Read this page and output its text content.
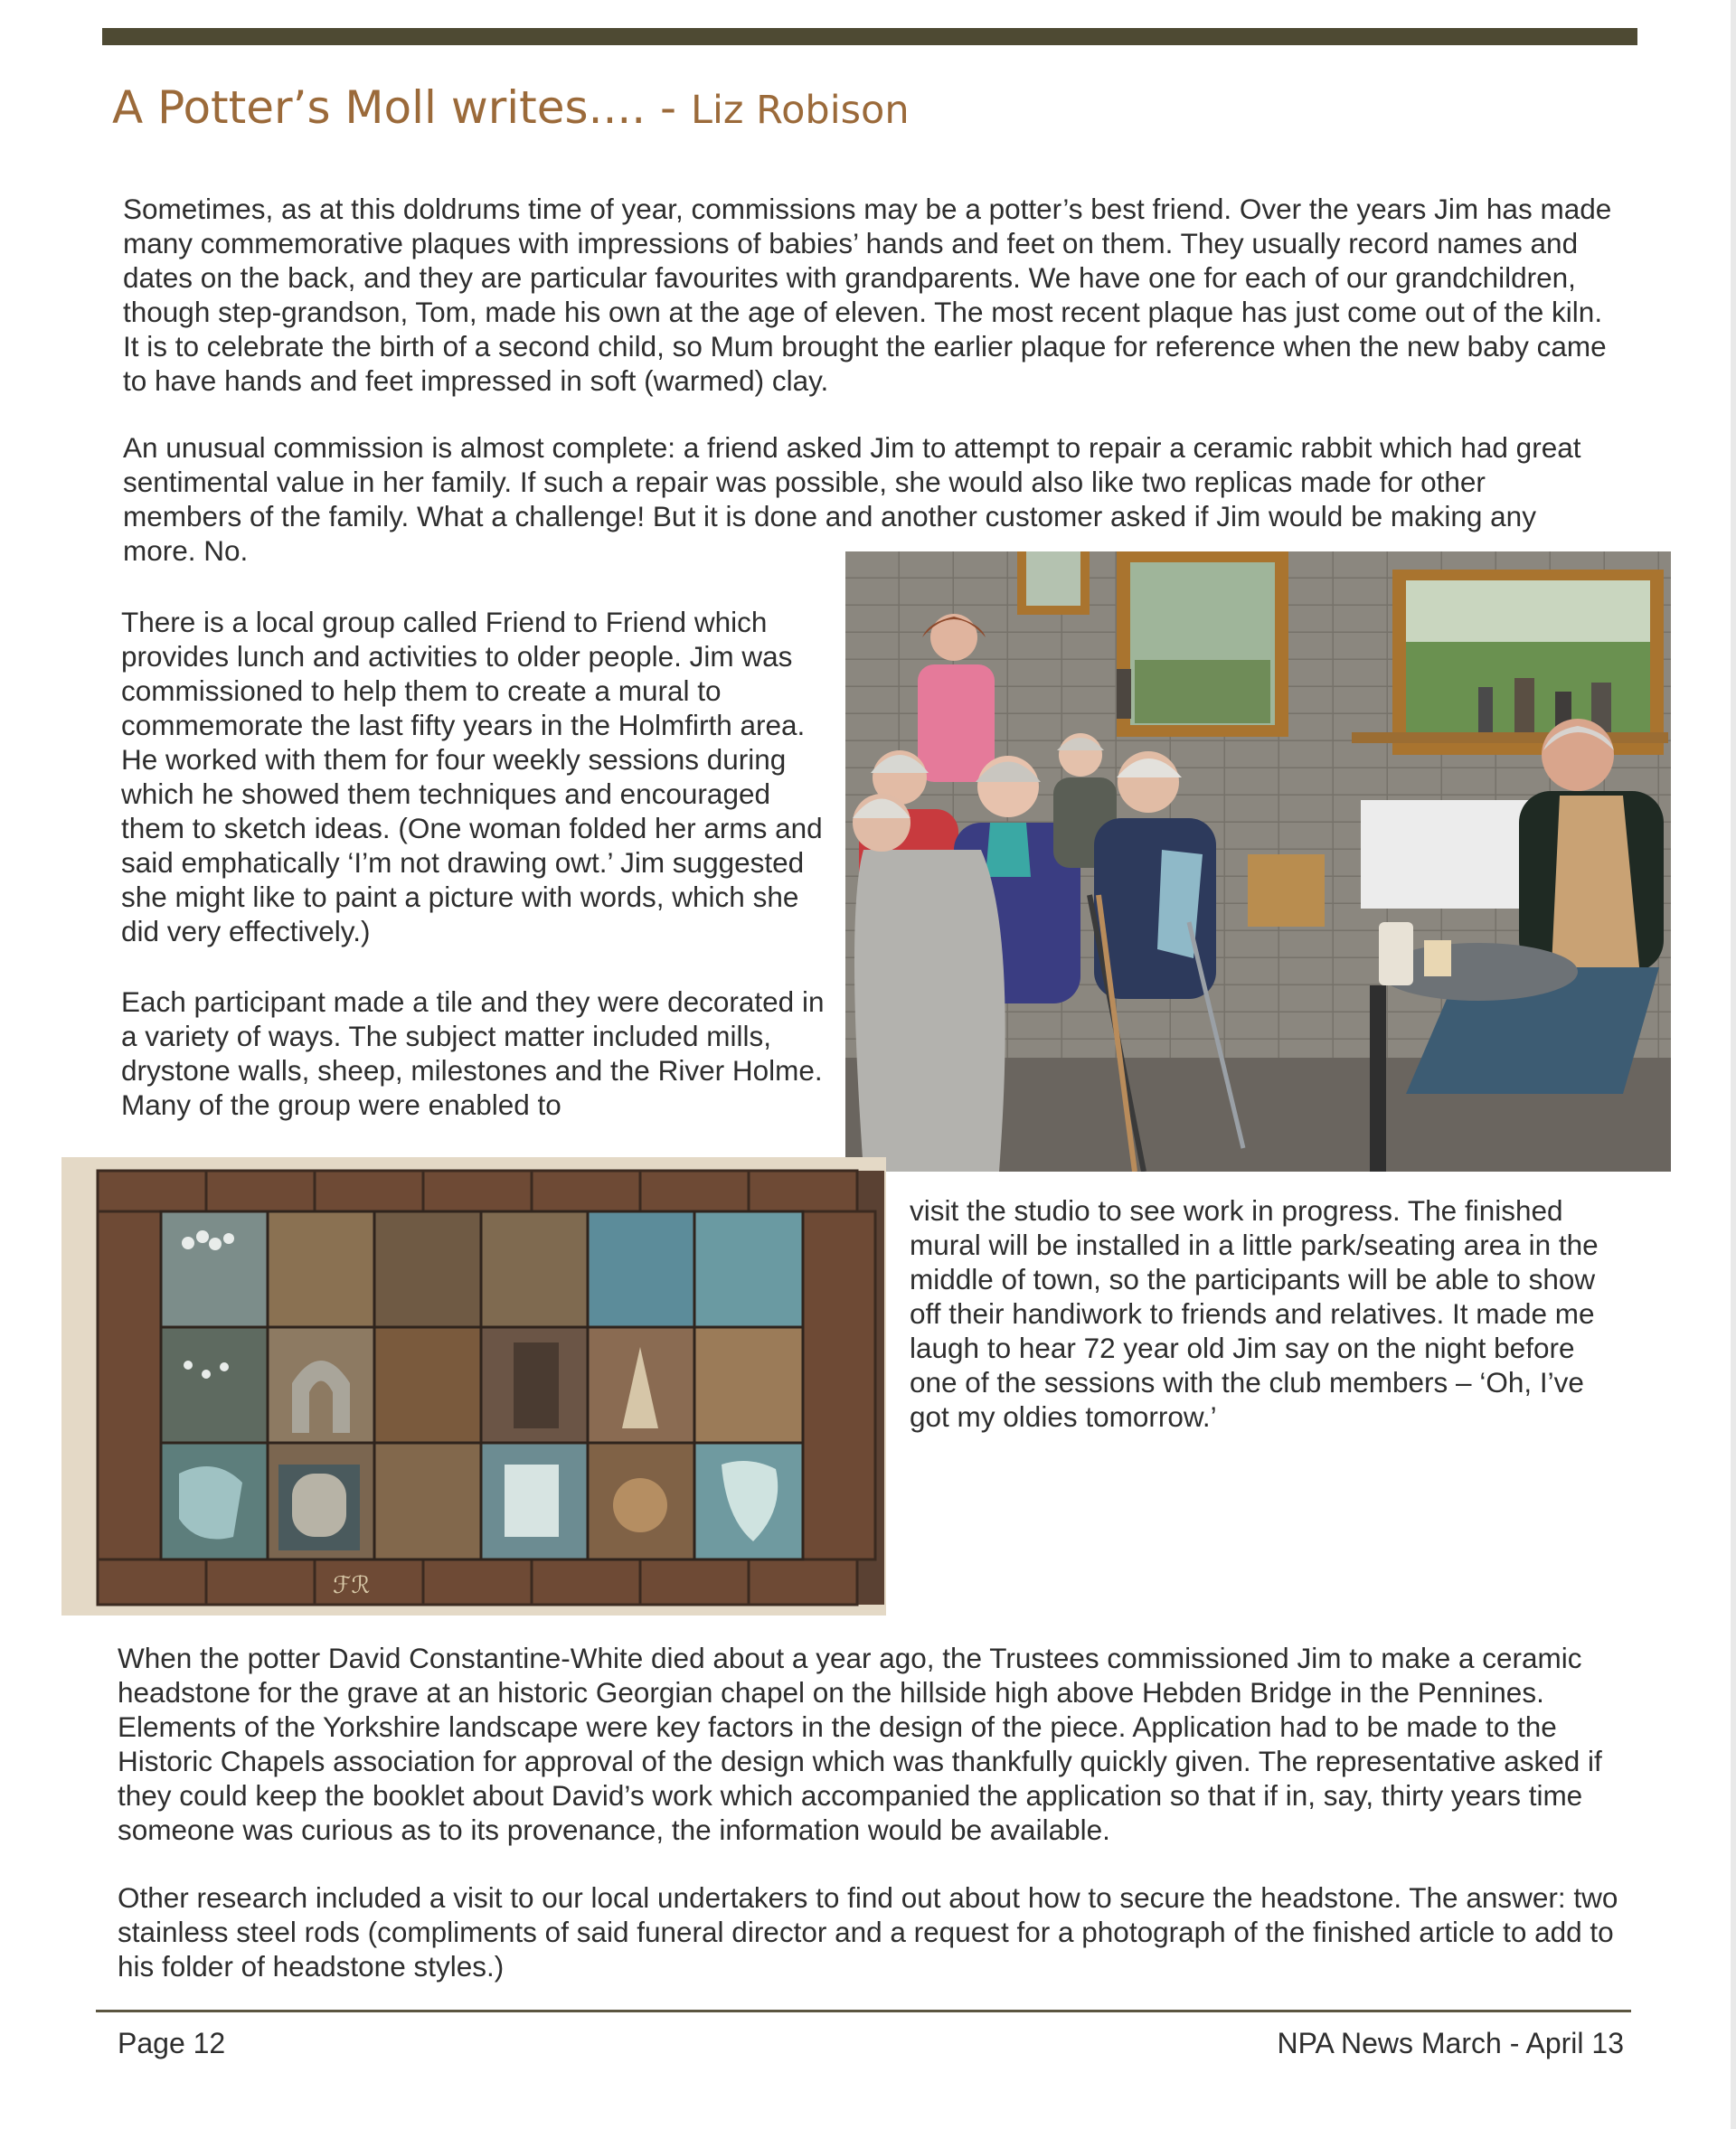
A Potter’s Moll writes.... - Liz Robison

Sometimes, as at this doldrums time of year, commissions may be a potter’s best friend. Over the years Jim has made many commemorative plaques with impressions of babies’ hands and feet on them. They usually record names and dates on the back, and they are particular favourites with grandparents. We have one for each of our grandchildren, though step-grandson, Tom, made his own at the age of eleven. The most recent plaque has just come out of the kiln. It is to celebrate the birth of a second child, so Mum brought the earlier plaque for reference when the new baby came to have hands and feet impressed in soft (warmed) clay.

An unusual commission is almost complete: a friend asked Jim to attempt to repair a ceramic rabbit which had great sentimental value in her family. If such a repair was possible, she would also like two replicas made for other members of the family. What a challenge! But it is done and another customer asked if Jim would be making any more. No.

There is a local group called Friend to Friend which provides lunch and activities to older people. Jim was commissioned to help them to create a mural to commemorate the last fifty years in the Holmfirth area. He worked with them for four weekly sessions during which he showed them techniques and encouraged them to sketch ideas. (One woman folded her arms and said emphatically ‘I’m not drawing owt.’ Jim suggested she might like to paint a picture with words, which she did very effectively.)

Each participant made a tile and they were decorated in a variety of ways. The subject matter included mills, drystone walls, sheep, milestones and the River Holme. Many of the group were enabled to

ℱℛ

visit the studio to see work in progress. The finished mural will be installed in a little park/seating area in the middle of town, so the participants will be able to show off their handiwork to friends and relatives. It made me laugh to hear 72 year old Jim say on the night before one of the sessions with the club members – ‘Oh, I’ve got my oldies tomorrow.’

When the potter David Constantine-White died about a year ago, the Trustees commissioned Jim to make a ceramic headstone for the grave at an historic Georgian chapel on the hillside high above Hebden Bridge in the Pennines. Elements of the Yorkshire landscape were key factors in the design of the piece. Application had to be made to the Historic Chapels association for approval of the design which was thankfully quickly given. The representative asked if they could keep the booklet about David’s work which accompanied the application so that if in, say, thirty years time someone was curious as to its provenance, the information would be available.

Other research included a visit to our local undertakers to find out about how to secure the headstone. The answer: two stainless steel rods (compliments of said funeral director and a request for a photograph of the finished article to add to his folder of headstone styles.)

Page 12	NPA News March - April 13
